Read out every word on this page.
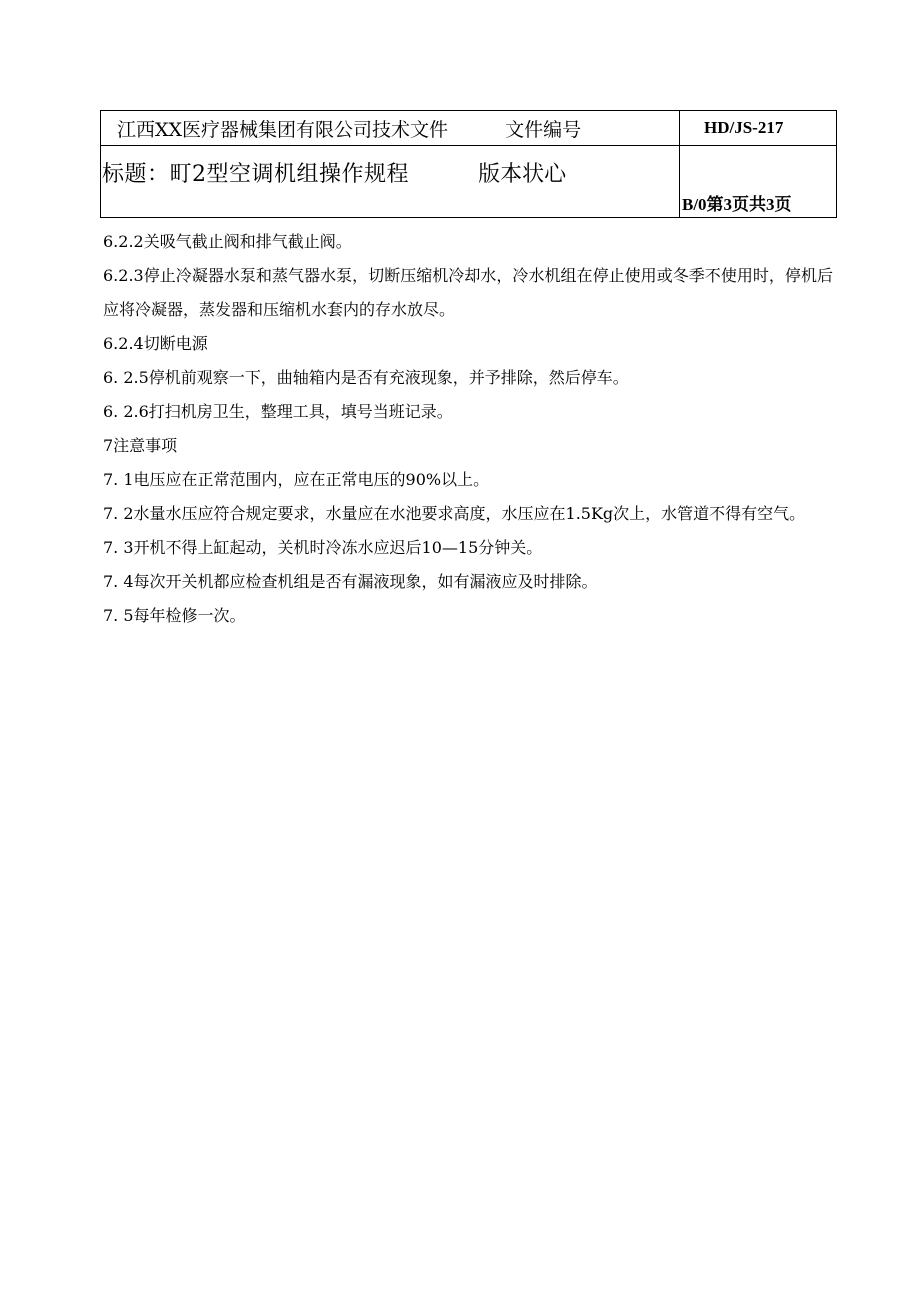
江西XX医疗器械集团有限公司技术文件 文件编号	HD/JS-217
标题：町2型空调机组操作规程 版本状心	B/0第3页共3页

6.2.2关吸气截止阀和排气截止阀。

6.2.3停止冷凝器水泵和蒸气器水泵，切断压缩机冷却水，冷水机组在停止使用或冬季不使用时，停机后应将冷凝器，蒸发器和压缩机水套内的存水放尽。

6.2.4切断电源

6. 2.5停机前观察一下，曲轴箱内是否有充液现象，并予排除，然后停车。

6. 2.6打扫机房卫生，整理工具，填号当班记录。

7注意事项

7. 1电压应在正常范围内，应在正常电压的90%以上。

7. 2水量水压应符合规定要求，水量应在水池要求高度，水压应在1.5Kg次上，水管道不得有空气。

7. 3开机不得上缸起动，关机时冷冻水应迟后10—15分钟关。

7. 4每次开关机都应检查机组是否有漏液现象，如有漏液应及时排除。

7. 5每年检修一次。
